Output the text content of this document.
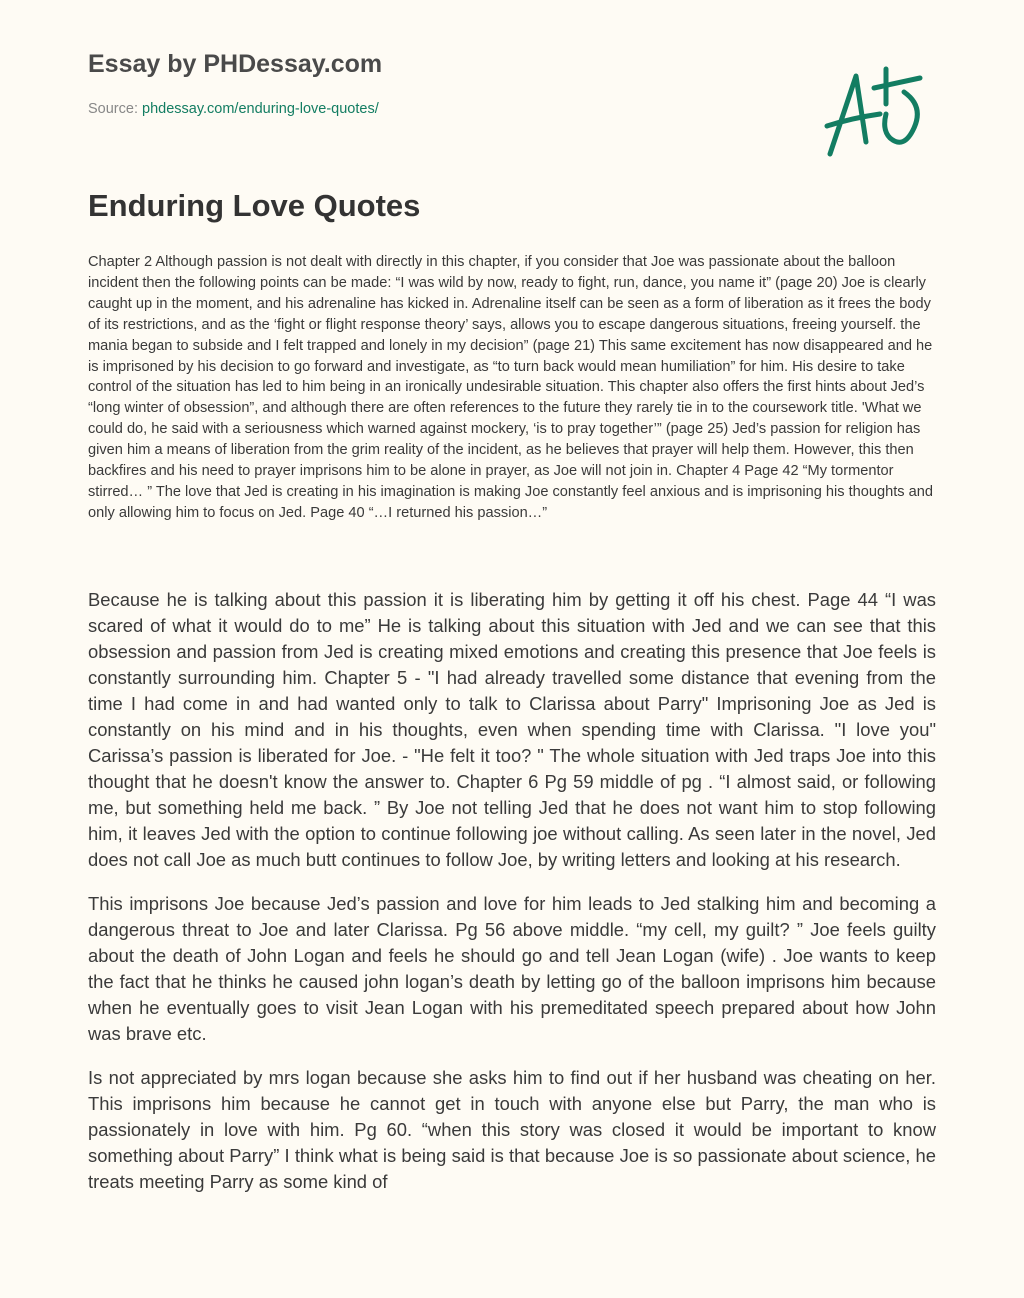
Essay by PHDessay.com
Source: phdessay.com/enduring-love-quotes/
Enduring Love Quotes

Chapter 2 Although passion is not dealt with directly in this chapter, if you consider that Joe was passionate about the balloon incident then the following points can be made: “I was wild by now, ready to fight, run, dance, you name it” (page 20) Joe is clearly caught up in the moment, and his adrenaline has kicked in. Adrenaline itself can be seen as a form of liberation as it frees the body of its restrictions, and as the ‘fight or flight response theory’ says, allows you to escape dangerous situations, freeing yourself. the mania began to subside and I felt trapped and lonely in my decision” (page 21) This same excitement has now disappeared and he is imprisoned by his decision to go forward and investigate, as “to turn back would mean humiliation” for him. His desire to take control of the situation has led to him being in an ironically undesirable situation. This chapter also offers the first hints about Jed’s “long winter of obsession”, and although there are often references to the future they rarely tie in to the coursework title. 'What we could do, he said with a seriousness which warned against mockery, ‘is to pray together’” (page 25) Jed’s passion for religion has given him a means of liberation from the grim reality of the incident, as he believes that prayer will help them. However, this then backfires and his need to prayer imprisons him to be alone in prayer, as Joe will not join in. Chapter 4 Page 42 “My tormentor stirred… ” The love that Jed is creating in his imagination is making Joe constantly feel anxious and is imprisoning his thoughts and only allowing him to focus on Jed. Page 40 “…I returned his passion…”

Because he is talking about this passion it is liberating him by getting it off his chest. Page 44 “I was scared of what it would do to me” He is talking about this situation with Jed and we can see that this obsession and passion from Jed is creating mixed emotions and creating this presence that Joe feels is constantly surrounding him. Chapter 5 - "I had already travelled some distance that evening from the time I had come in and had wanted only to talk to Clarissa about Parry" Imprisoning Joe as Jed is constantly on his mind and in his thoughts, even when spending time with Clarissa. "I love you" Carissa’s passion is liberated for Joe. - "He felt it too? " The whole situation with Jed traps Joe into this thought that he doesn't know the answer to. Chapter 6 Pg 59 middle of pg . “I almost said, or following me, but something held me back. ” By Joe not telling Jed that he does not want him to stop following him, it leaves Jed with the option to continue following joe without calling. As seen later in the novel, Jed does not call Joe as much butt continues to follow Joe, by writing letters and looking at his research.

This imprisons Joe because Jed’s passion and love for him leads to Jed stalking him and becoming a dangerous threat to Joe and later Clarissa. Pg 56 above middle. “my cell, my guilt? ” Joe feels guilty about the death of John Logan and feels he should go and tell Jean Logan (wife) . Joe wants to keep the fact that he thinks he caused john logan’s death by letting go of the balloon imprisons him because when he eventually goes to visit Jean Logan with his premeditated speech prepared about how John was brave etc.

Is not appreciated by mrs logan because she asks him to find out if her husband was cheating on her. This imprisons him because he cannot get in touch with anyone else but Parry, the man who is passionately in love with him. Pg 60. “when this story was closed it would be important to know something about Parry” I think what is being said is that because Joe is so passionate about science, he treats meeting Parry as some kind of
